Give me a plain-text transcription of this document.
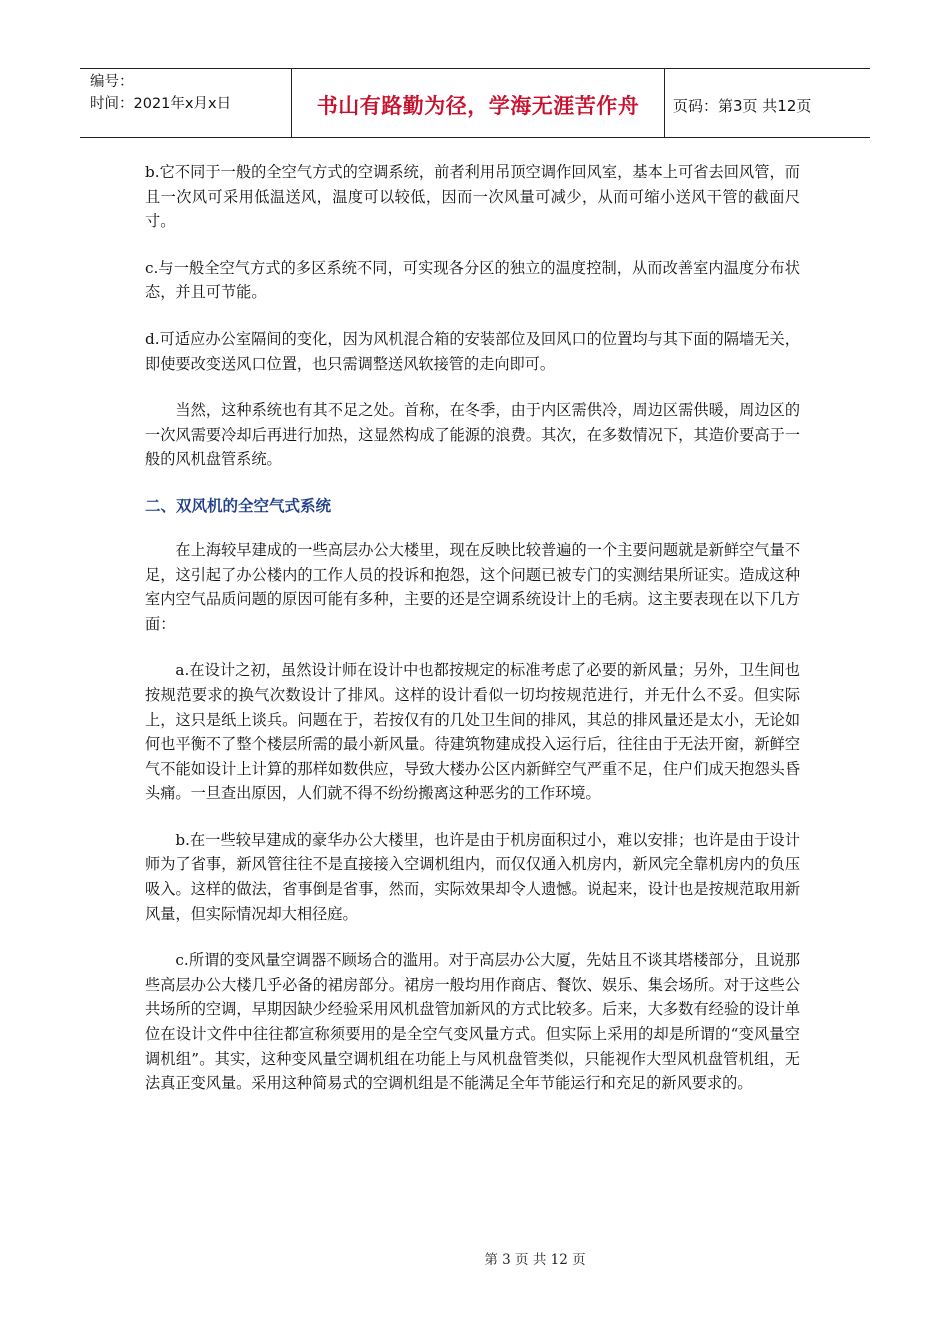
编号：
时间：2021年x月x日	书山有路勤为径，学海无涯苦作舟	页码：第3页 共12页

b.它不同于一般的全空气方式的空调系统，前者利用吊顶空调作回风室，基本上可省去回风管，而且一次风可采用低温送风，温度可以较低，因而一次风量可减少，从而可缩小送风干管的截面尺寸。

c.与一般全空气方式的多区系统不同，可实现各分区的独立的温度控制，从而改善室内温度分布状态，并且可节能。

d.可适应办公室隔间的变化，因为风机混合箱的安装部位及回风口的位置均与其下面的隔墙无关，即使要改变送风口位置，也只需调整送风软接管的走向即可。

当然，这种系统也有其不足之处。首称，在冬季，由于内区需供冷，周边区需供暖，周边区的一次风需要冷却后再进行加热，这显然构成了能源的浪费。其次，在多数情况下，其造价要高于一般的风机盘管系统。

二、双风机的全空气式系统

在上海较早建成的一些高层办公大楼里，现在反映比较普遍的一个主要问题就是新鲜空气量不足，这引起了办公楼内的工作人员的投诉和抱怨，这个问题已被专门的实测结果所证实。造成这种室内空气品质问题的原因可能有多种，主要的还是空调系统设计上的毛病。这主要表现在以下几方面：

a.在设计之初，虽然设计师在设计中也都按规定的标准考虑了必要的新风量；另外，卫生间也按规范要求的换气次数设计了排风。这样的设计看似一切均按规范进行，并无什么不妥。但实际上，这只是纸上谈兵。问题在于，若按仅有的几处卫生间的排风，其总的排风量还是太小，无论如何也平衡不了整个楼层所需的最小新风量。待建筑物建成投入运行后，往往由于无法开窗，新鲜空气不能如设计上计算的那样如数供应，导致大楼办公区内新鲜空气严重不足，住户们成天抱怨头昏头痛。一旦查出原因，人们就不得不纷纷搬离这种恶劣的工作环境。

b.在一些较早建成的豪华办公大楼里，也许是由于机房面积过小，难以安排；也许是由于设计师为了省事，新风管往往不是直接接入空调机组内，而仅仅通入机房内，新风完全靠机房内的负压吸入。这样的做法，省事倒是省事，然而，实际效果却令人遗憾。说起来，设计也是按规范取用新风量，但实际情况却大相径庭。

c.所谓的变风量空调器不顾场合的滥用。对于高层办公大厦，先姑且不谈其塔楼部分，且说那些高层办公大楼几乎必备的裙房部分。裙房一般均用作商店、餐饮、娱乐、集会场所。对于这些公共场所的空调，早期因缺少经验采用风机盘管加新风的方式比较多。后来，大多数有经验的设计单位在设计文件中往往都宣称须要用的是全空气变风量方式。但实际上采用的却是所谓的“变风量空调机组”。其实，这种变风量空调机组在功能上与风机盘管类似，只能视作大型风机盘管机组，无法真正变风量。采用这种简易式的空调机组是不能满足全年节能运行和充足的新风要求的。

第 3 页 共 12 页
